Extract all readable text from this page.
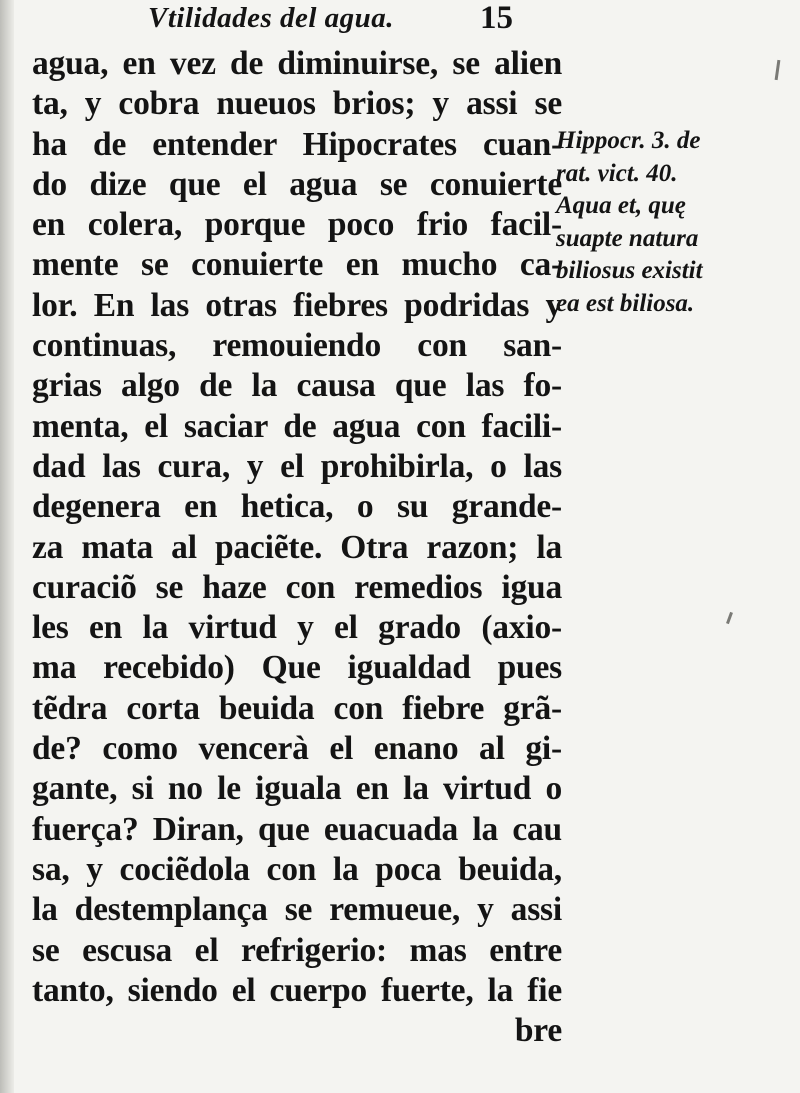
Vtilidades del agua.	15
agua, en vez de diminuirse, se alien
ta, y cobra nueuos brios; y assi se
ha de entender Hipocrates cuan-
do dize que el agua se conuierte
en colera, porque poco frio facil-
mente se conuierte en mucho ca-
lor. En las otras fiebres podridas y
continuas, remouiendo con san-
grias algo de la causa que las fo-
menta, el saciar de agua con facili-
dad las cura, y el prohibirla, o las
degenera en hetica, o su grande-
za mata al paciẽte. Otra razon; la
curaciõ se haze con remedios igua
les en la virtud y el grado (axio-
ma recebido) Que igualdad pues
tẽdra corta beuida con fiebre grã-
de? como vencerà el enano al gi-
gante, si no le iguala en la virtud o
fuerça? Diran, que euacuada la cau
sa, y cociẽdola con la poca beuida,
la destemplança se remueue, y assi
se escusa el refrigerio: mas entre
tanto, siendo el cuerpo fuerte, la fie
bre
Hippocr. 3. de
rat. vict. 40.
Aqua et, quę
suapte natura
biliosus existit
ea est biliosa.
